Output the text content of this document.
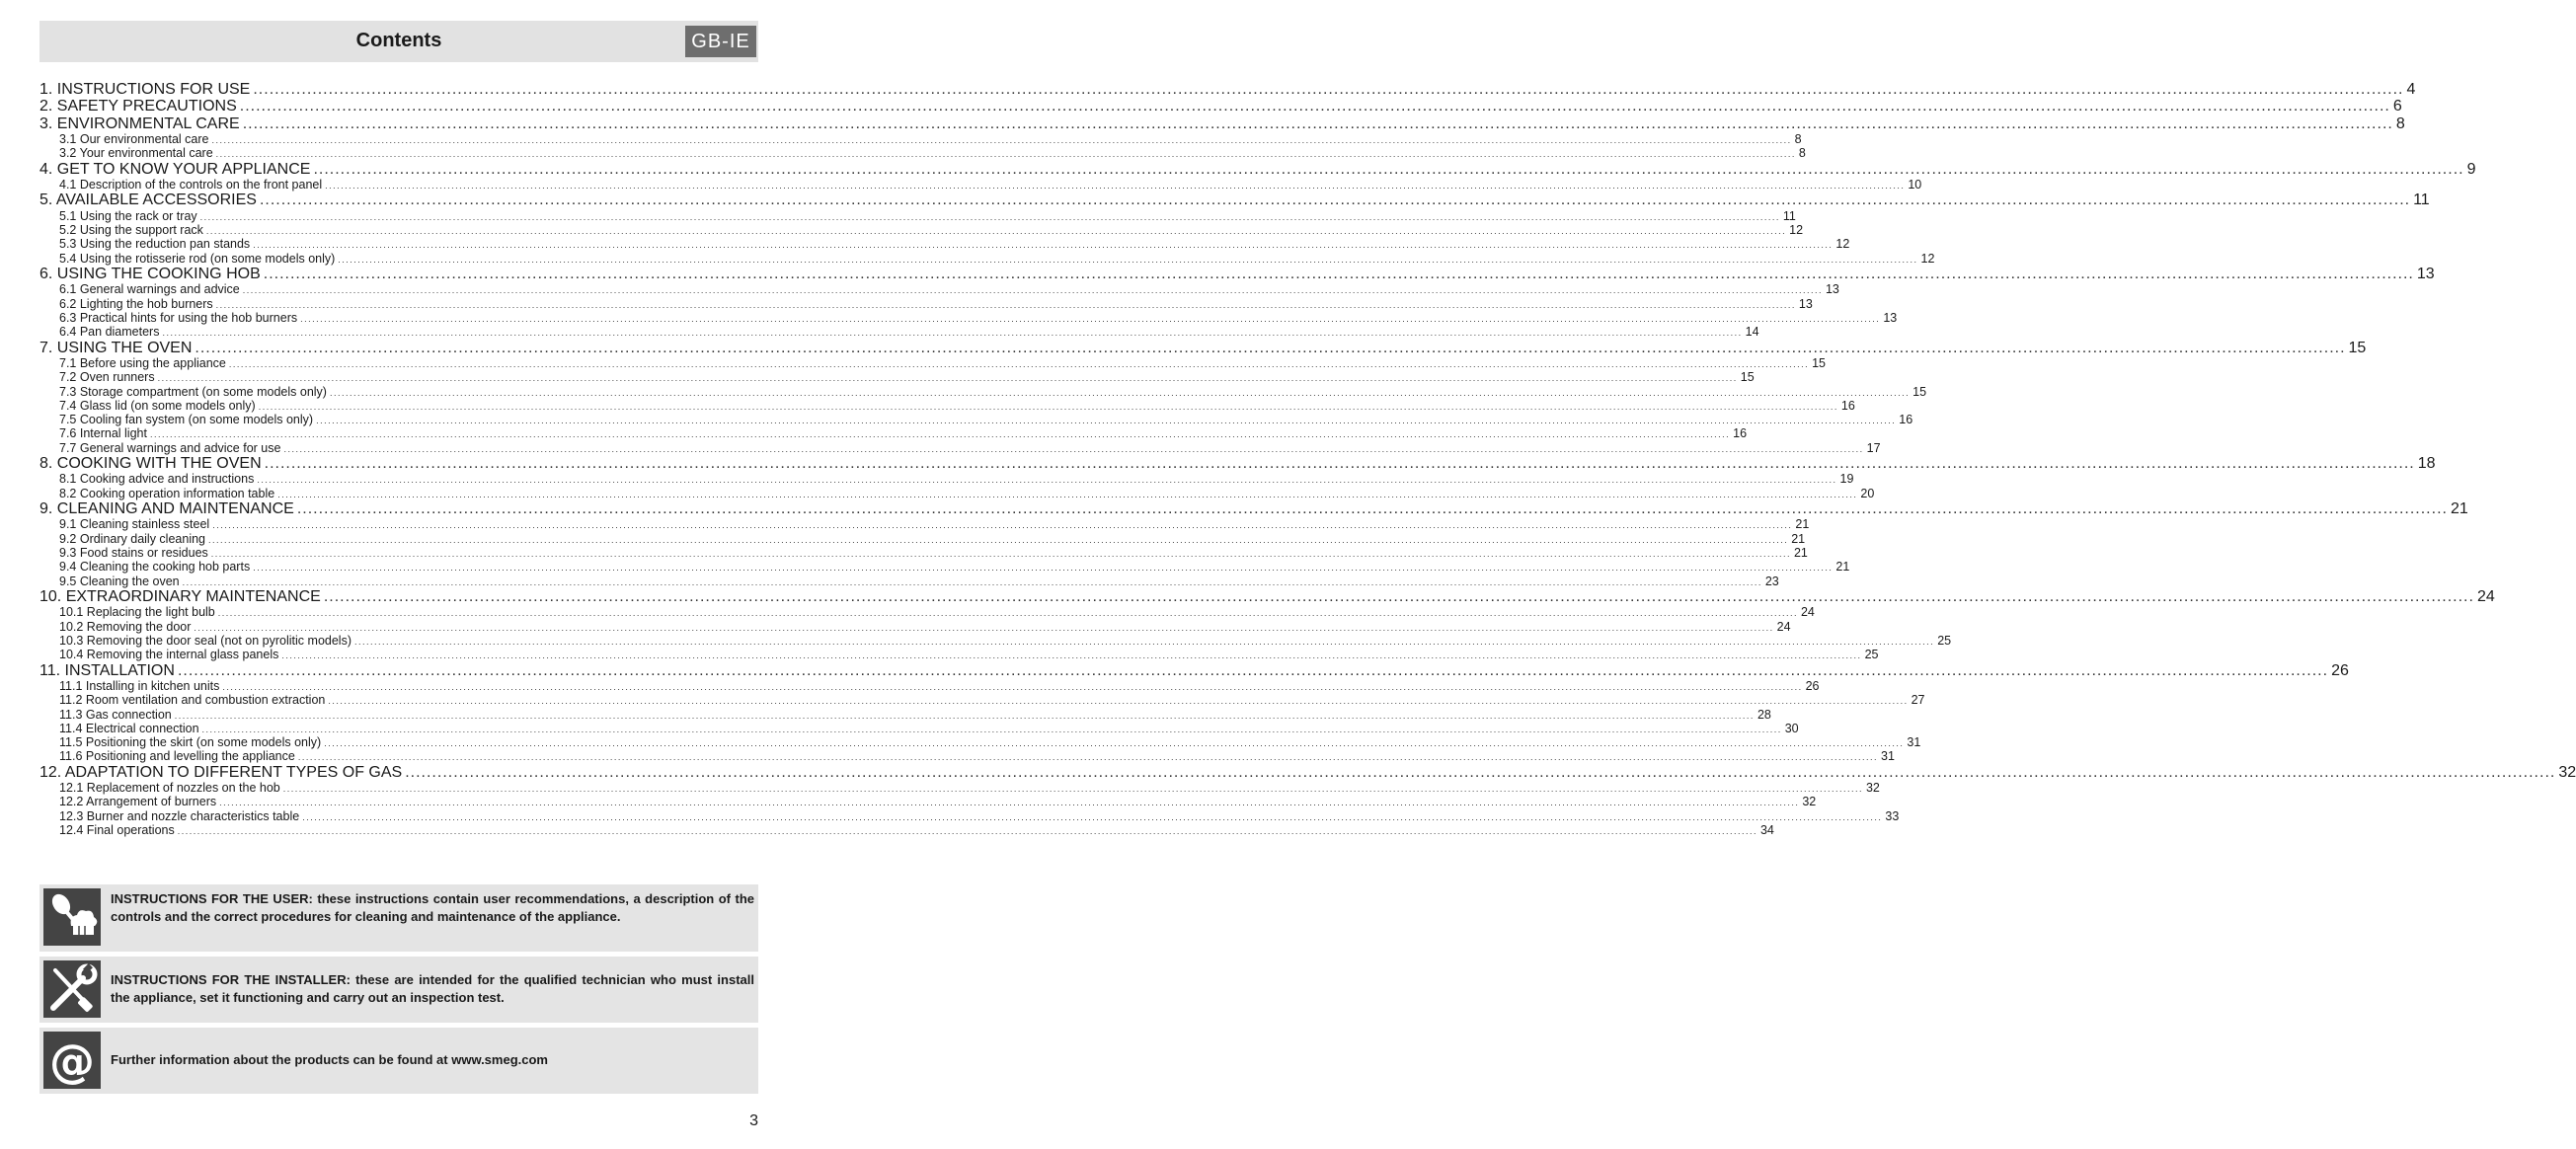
Contents	GB-IE
1. INSTRUCTIONS FOR USE ................................................................................................................................................................................................................................................................................................................................................................................................................ 4
2. SAFETY PRECAUTIONS ................................................................................................................................................................................................................................................................................................................................................................................................................ 6
3. ENVIRONMENTAL CARE ................................................................................................................................................................................................................................................................................................................................................................................................................ 8
3.1 Our environmental care ................................................................................................................................................................................................................................................................................................................................................................................................................ 8
3.2 Your environmental care ................................................................................................................................................................................................................................................................................................................................................................................................................ 8
4. GET TO KNOW YOUR APPLIANCE ................................................................................................................................................................................................................................................................................................................................................................................................................ 9
4.1 Description of the controls on the front panel ................................................................................................................................................................................................................................................................................................................................................................................................................ 10
5. AVAILABLE ACCESSORIES ................................................................................................................................................................................................................................................................................................................................................................................................................ 11
5.1 Using the rack or tray ................................................................................................................................................................................................................................................................................................................................................................................................................ 11
5.2 Using the support rack ................................................................................................................................................................................................................................................................................................................................................................................................................ 12
5.3 Using the reduction pan stands ................................................................................................................................................................................................................................................................................................................................................................................................................ 12
5.4 Using the rotisserie rod (on some models only) ................................................................................................................................................................................................................................................................................................................................................................................................................ 12
6. USING THE COOKING HOB ................................................................................................................................................................................................................................................................................................................................................................................................................ 13
6.1 General warnings and advice ................................................................................................................................................................................................................................................................................................................................................................................................................ 13
6.2 Lighting the hob burners ................................................................................................................................................................................................................................................................................................................................................................................................................ 13
6.3 Practical hints for using the hob burners ................................................................................................................................................................................................................................................................................................................................................................................................................ 13
6.4 Pan diameters ................................................................................................................................................................................................................................................................................................................................................................................................................ 14
7. USING THE OVEN ................................................................................................................................................................................................................................................................................................................................................................................................................ 15
7.1 Before using the appliance ................................................................................................................................................................................................................................................................................................................................................................................................................ 15
7.2 Oven runners ................................................................................................................................................................................................................................................................................................................................................................................................................ 15
7.3 Storage compartment (on some models only) ................................................................................................................................................................................................................................................................................................................................................................................................................ 15
7.4 Glass lid (on some models only) ................................................................................................................................................................................................................................................................................................................................................................................................................ 16
7.5 Cooling fan system (on some models only) ................................................................................................................................................................................................................................................................................................................................................................................................................ 16
7.6 Internal light ................................................................................................................................................................................................................................................................................................................................................................................................................ 16
7.7 General warnings and advice for use ................................................................................................................................................................................................................................................................................................................................................................................................................ 17
8. COOKING WITH THE OVEN ................................................................................................................................................................................................................................................................................................................................................................................................................ 18
8.1 Cooking advice and instructions ................................................................................................................................................................................................................................................................................................................................................................................................................ 19
8.2 Cooking operation information table ................................................................................................................................................................................................................................................................................................................................................................................................................ 20
9. CLEANING AND MAINTENANCE ................................................................................................................................................................................................................................................................................................................................................................................................................ 21
9.1 Cleaning stainless steel ................................................................................................................................................................................................................................................................................................................................................................................................................ 21
9.2 Ordinary daily cleaning ................................................................................................................................................................................................................................................................................................................................................................................................................ 21
9.3 Food stains or residues ................................................................................................................................................................................................................................................................................................................................................................................................................ 21
9.4 Cleaning the cooking hob parts ................................................................................................................................................................................................................................................................................................................................................................................................................ 21
9.5 Cleaning the oven ................................................................................................................................................................................................................................................................................................................................................................................................................ 23
10. EXTRAORDINARY MAINTENANCE ................................................................................................................................................................................................................................................................................................................................................................................................................ 24
10.1 Replacing the light bulb ................................................................................................................................................................................................................................................................................................................................................................................................................ 24
10.2 Removing the door ................................................................................................................................................................................................................................................................................................................................................................................................................ 24
10.3 Removing the door seal (not on pyrolitic models) ................................................................................................................................................................................................................................................................................................................................................................................................................ 25
10.4 Removing the internal glass panels ................................................................................................................................................................................................................................................................................................................................................................................................................ 25
11. INSTALLATION ................................................................................................................................................................................................................................................................................................................................................................................................................ 26
11.1 Installing in kitchen units ................................................................................................................................................................................................................................................................................................................................................................................................................ 26
11.2 Room ventilation and combustion extraction ................................................................................................................................................................................................................................................................................................................................................................................................................ 27
11.3 Gas connection ................................................................................................................................................................................................................................................................................................................................................................................................................ 28
11.4 Electrical connection ................................................................................................................................................................................................................................................................................................................................................................................................................ 30
11.5 Positioning the skirt (on some models only) ................................................................................................................................................................................................................................................................................................................................................................................................................ 31
11.6 Positioning and levelling the appliance ................................................................................................................................................................................................................................................................................................................................................................................................................ 31
12. ADAPTATION TO DIFFERENT TYPES OF GAS ................................................................................................................................................................................................................................................................................................................................................................................................................ 32
12.1 Replacement of nozzles on the hob ................................................................................................................................................................................................................................................................................................................................................................................................................ 32
12.2 Arrangement of burners ................................................................................................................................................................................................................................................................................................................................................................................................................ 32
12.3 Burner and nozzle characteristics table ................................................................................................................................................................................................................................................................................................................................................................................................................ 33
12.4 Final operations ................................................................................................................................................................................................................................................................................................................................................................................................................ 34
INSTRUCTIONS FOR THE USER: these instructions contain user recommendations, a description of the controls and the correct procedures for cleaning and maintenance of the appliance.
INSTRUCTIONS FOR THE INSTALLER: these are intended for the qualified technician who must install the appliance, set it functioning and carry out an inspection test.
@ Further information about the products can be found at www.smeg.com
3
